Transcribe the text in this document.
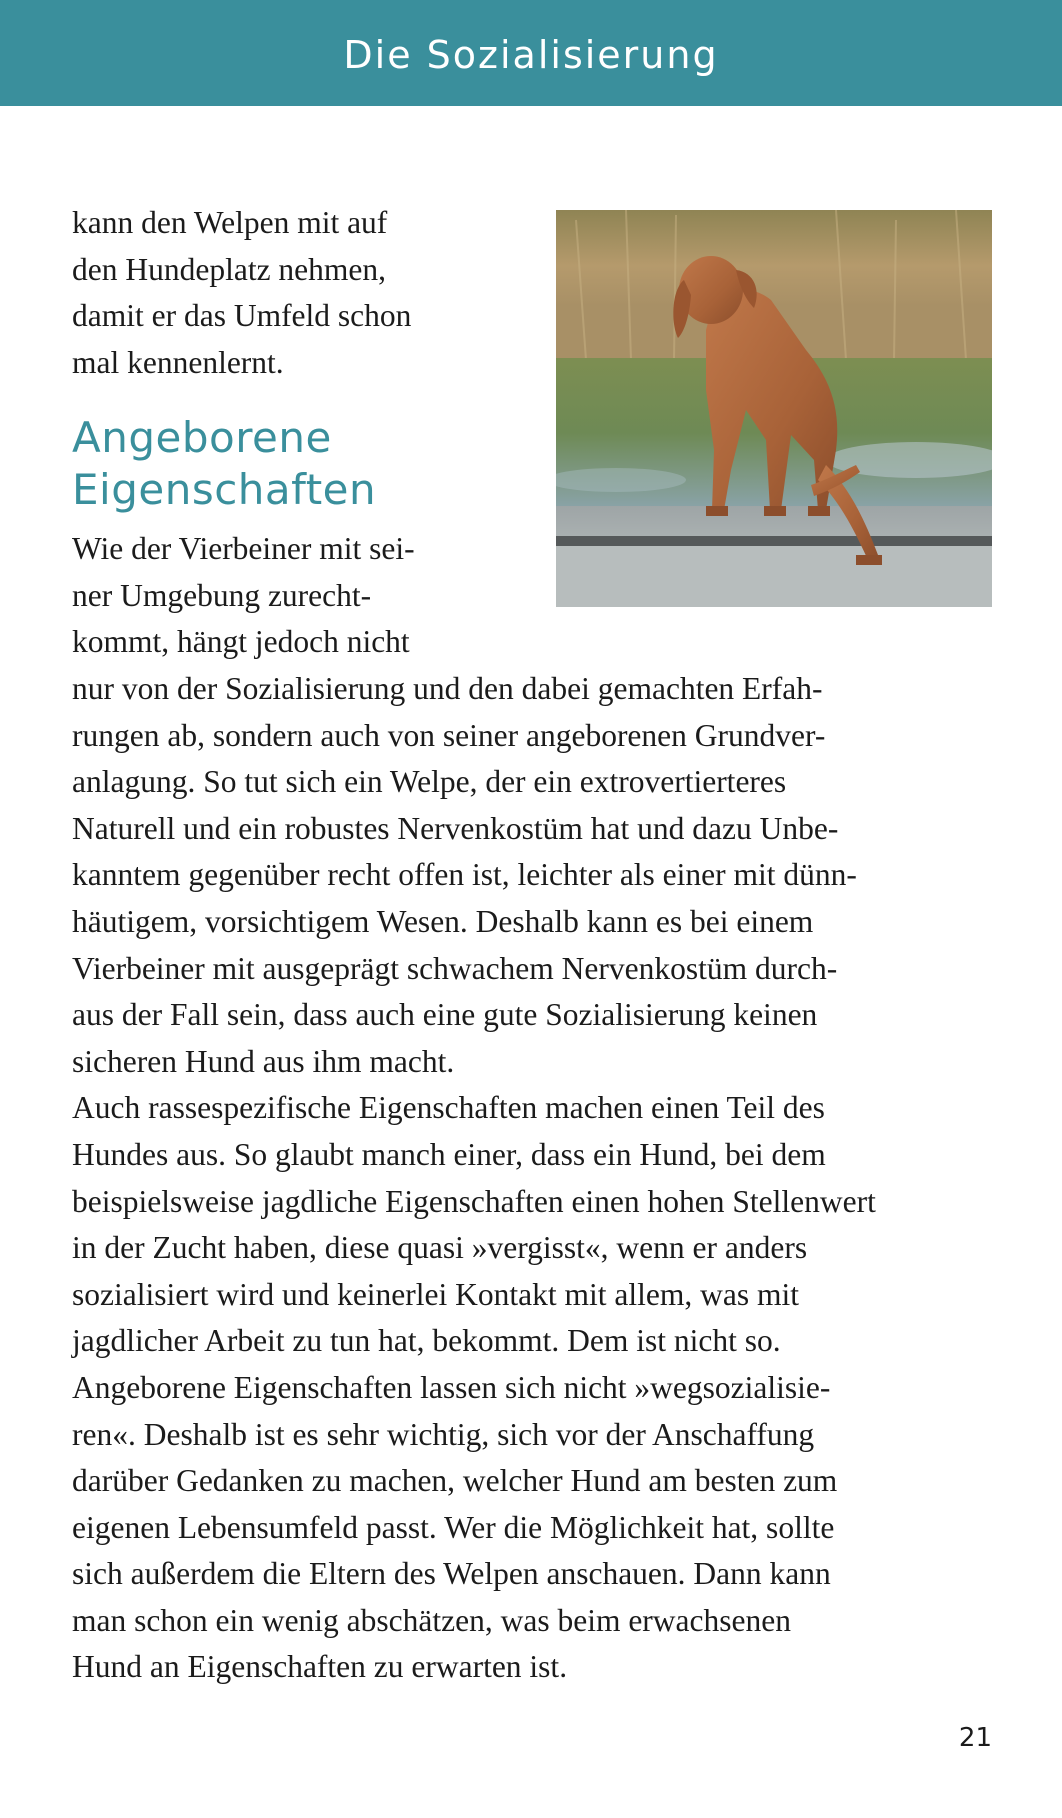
Die Sozialisierung
kann den Welpen mit auf
den Hundeplatz nehmen,
damit er das Umfeld schon
mal kennenlernt.
Angeborene
Eigenschaften
Wie der Vierbeiner mit sei-
ner Umgebung zurecht-
kommt, hängt jedoch nicht
nur von der Sozialisierung und den dabei gemachten Erfah-
rungen ab, sondern auch von seiner angeborenen Grundver-
anlagung. So tut sich ein Welpe, der ein extrovertierteres
Naturell und ein robustes Nervenkostüm hat und dazu Unbe-
kanntem gegenüber recht offen ist, leichter als einer mit dünn-
häutigem, vorsichtigem Wesen. Deshalb kann es bei einem
Vierbeiner mit ausgeprägt schwachem Nervenkostüm durch-
aus der Fall sein, dass auch eine gute Sozialisierung keinen
sicheren Hund aus ihm macht.
Auch rassespezifische Eigenschaften machen einen Teil des
Hundes aus. So glaubt manch einer, dass ein Hund, bei dem
beispielsweise jagdliche Eigenschaften einen hohen Stellenwert
in der Zucht haben, diese quasi »vergisst«, wenn er anders
sozialisiert wird und keinerlei Kontakt mit allem, was mit
jagdlicher Arbeit zu tun hat, bekommt. Dem ist nicht so.
Angeborene Eigenschaften lassen sich nicht »wegsozialisie-
ren«. Deshalb ist es sehr wichtig, sich vor der Anschaffung
darüber Gedanken zu machen, welcher Hund am besten zum
eigenen Lebensumfeld passt. Wer die Möglichkeit hat, sollte
sich außerdem die Eltern des Welpen anschauen. Dann kann
man schon ein wenig abschätzen, was beim erwachsenen
Hund an Eigenschaften zu erwarten ist.
21
